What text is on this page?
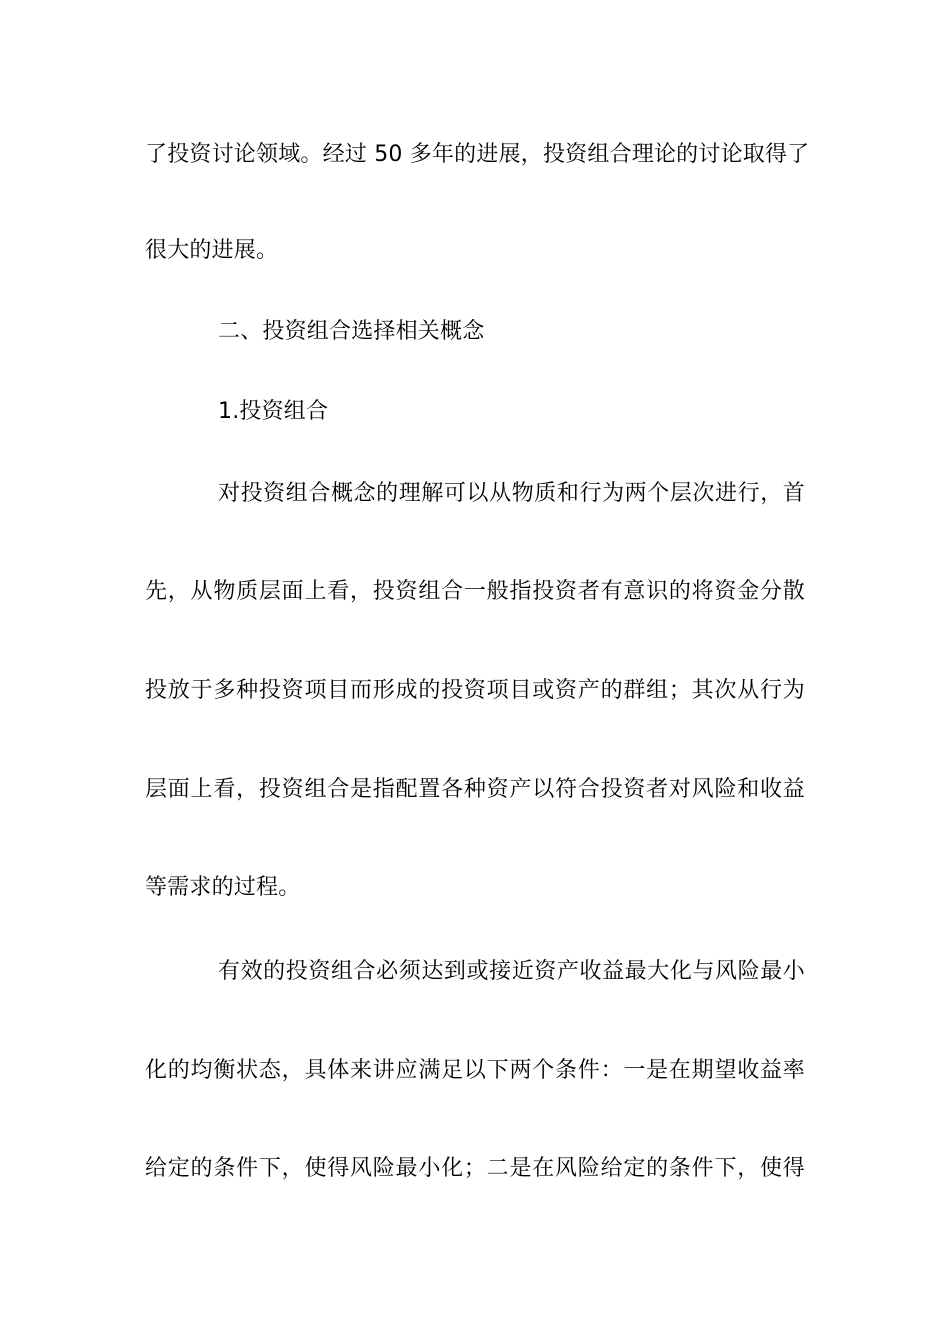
了投资讨论领域。经过 50 多年的进展，投资组合理论的讨论取得了
很大的进展。
二、投资组合选择相关概念
1.投资组合
对投资组合概念的理解可以从物质和行为两个层次进行，首
先，从物质层面上看，投资组合一般指投资者有意识的将资金分散
投放于多种投资项目而形成的投资项目或资产的群组；其次从行为
层面上看，投资组合是指配置各种资产以符合投资者对风险和收益
等需求的过程。
有效的投资组合必须达到或接近资产收益最大化与风险最小
化的均衡状态，具体来讲应满足以下两个条件：一是在期望收益率
给定的条件下，使得风险最小化；二是在风险给定的条件下，使得
